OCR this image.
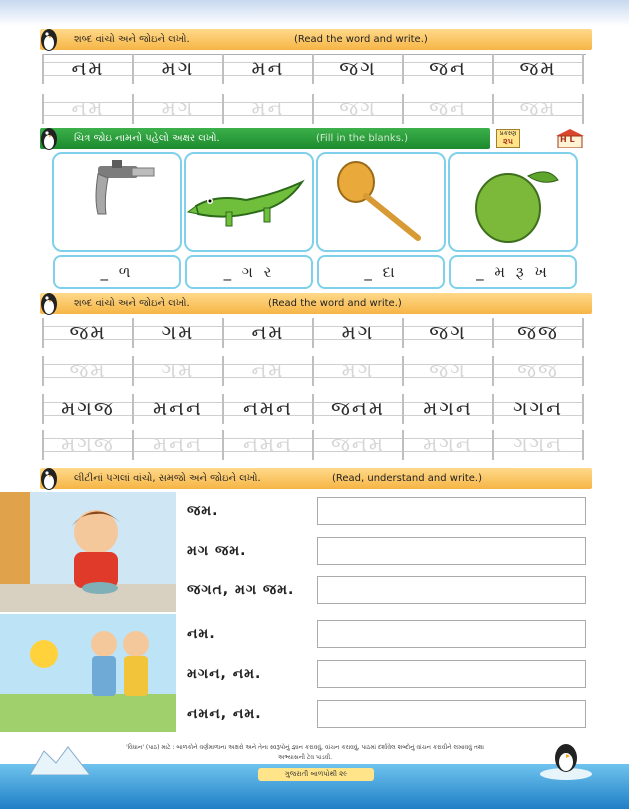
શબ્દ વાંચો અને જોઇને લખો.	(Read the word and write.)
નમ	મગ	મન	જગ	જન	જમ
નમ	મગ	મન	જગ	જન	જમ
ચિત્ર જોઇ નામનો પહેલો અક્ષર લખો.	(Fill in the blanks.)	પ્રકરણ
૨૫	H L
_ ળ	_ ગ ર	_ દા	_ મ રૂ ખ
શબ્દ વાંચો અને જોઇને લખો.	(Read the word and write.)
જમ	ગમ	નમ	મગ	જગ	જજ
જમ	ગમ	નમ	મગ	જગ	જજ
મગજ	મનન	નમન	જનમ	મગન	ગગન
મગજ	મનન	નમન	જનમ	મગન	ગગન
લીટીનાં પગલાં વાંચો, સમજો અને જોઇને લખો.	(Read, understand and write.)
જમ.
મગ જમ.
જગત, મગ જમ.
નમ.
મગન, નમ.
નમન, નમ.
'વિધાન' (પાઠ) માટે : બાળકોને વર્ણમાળાના અક્ષરો અને તેના સ્વરૂપોનું જ્ઞાન કરાવવું, વાંચન કરાવવું, પાઠમાં દર્શાવેલ શબ્દોનું વાંચન કરાવીને લખાવવું તથા અભ્યાસની ટેવ પાડવી.
ગુજરાતી બાળપોથી ૨૯
